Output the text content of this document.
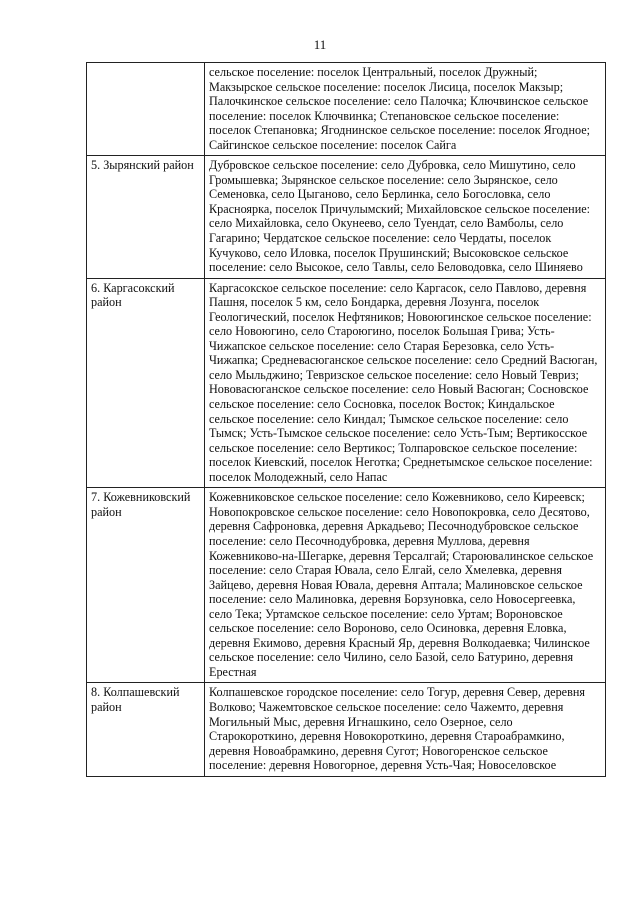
11
	сельское поселение: поселок Центральный, поселок Дружный; Макзырское сельское поселение: поселок Лисица, поселок Макзыр; Палочкинское сельское поселение: село Палочка; Ключвинское сельское поселение: поселок Ключвинка; Степановское сельское поселение: поселок Степановка; Ягоднинское сельское поселение: поселок Ягодное; Сайгинское сельское поселение: поселок Сайга
5. Зырянский район	Дубровское сельское поселение: село Дубровка, село Мишутино, село Громышевка; Зырянское сельское поселение: село Зырянское, село Семеновка, село Цыганово, село Берлинка, село Богословка, село Красноярка, поселок Причулымский; Михайловское сельское поселение: село Михайловка, село Окунеево, село Туендат, село Вамболы, село Гагарино; Чердатское сельское поселение: село Чердаты, поселок Кучуково, село Иловка, поселок Прушинский; Высоковское сельское поселение: село Высокое, село Тавлы, село Беловодовка, село Шиняево
6. Каргасокский район	Каргасокское сельское поселение: село Каргасок, село Павлово, деревня Пашня, поселок 5 км, село Бондарка, деревня Лозунга, поселок Геологический, поселок Нефтяников; Новоюгинское сельское поселение: село Новоюгино, село Староюгино, поселок Большая Грива; Усть-Чижапское сельское поселение: село Старая Березовка, село Усть-Чижапка; Средневасюганское сельское поселение: село Средний Васюган, село Мыльджино; Тевризское сельское поселение: село Новый Тевриз; Нововасюганское сельское поселение: село Новый Васюган; Сосновское сельское поселение: село Сосновка, поселок Восток; Киндальское сельское поселение: село Киндал; Тымское сельское поселение: село Тымск; Усть-Тымское сельское поселение: село Усть-Тым; Вертикосское сельское поселение: село Вертикос; Толпаровское сельское поселение: поселок Киевский, поселок Неготка; Среднетымское сельское поселение: поселок Молодежный, село Напас
7. Кожевниковский район	Кожевниковское сельское поселение: село Кожевниково, село Киреевск; Новопокровское сельское поселение: село Новопокровка, село Десятово, деревня Сафроновка, деревня Аркадьево; Песочнодубровское сельское поселение: село Песочнодубровка, деревня Муллова, деревня Кожевниково-на-Шегарке, деревня Терсалгай; Староювалинское сельское поселение: село Старая Ювала, село Елгай, село Хмелевка, деревня Зайцево, деревня Новая Ювала, деревня Аптала; Малиновское сельское поселение: село Малиновка, деревня Борзуновка, село Новосергеевка, село Тека; Уртамское сельское поселение: село Уртам; Вороновское сельское поселение: село Вороново, село Осиновка, деревня Еловка, деревня Екимово, деревня Красный Яр, деревня Волкодаевка; Чилинское сельское поселение: село Чилино, село Базой, село Батурино, деревня Ерестная
8. Колпашевский район	Колпашевское городское поселение: село Тогур, деревня Север, деревня Волково; Чажемтовское сельское поселение: село Чажемто, деревня Могильный Мыс, деревня Игнашкино, село Озерное, село Старокороткино, деревня Новокороткино, деревня Староабрамкино, деревня Новоабрамкино, деревня Сугот; Новогоренское сельское поселение: деревня Новогорное, деревня Усть-Чая; Новоселовское
